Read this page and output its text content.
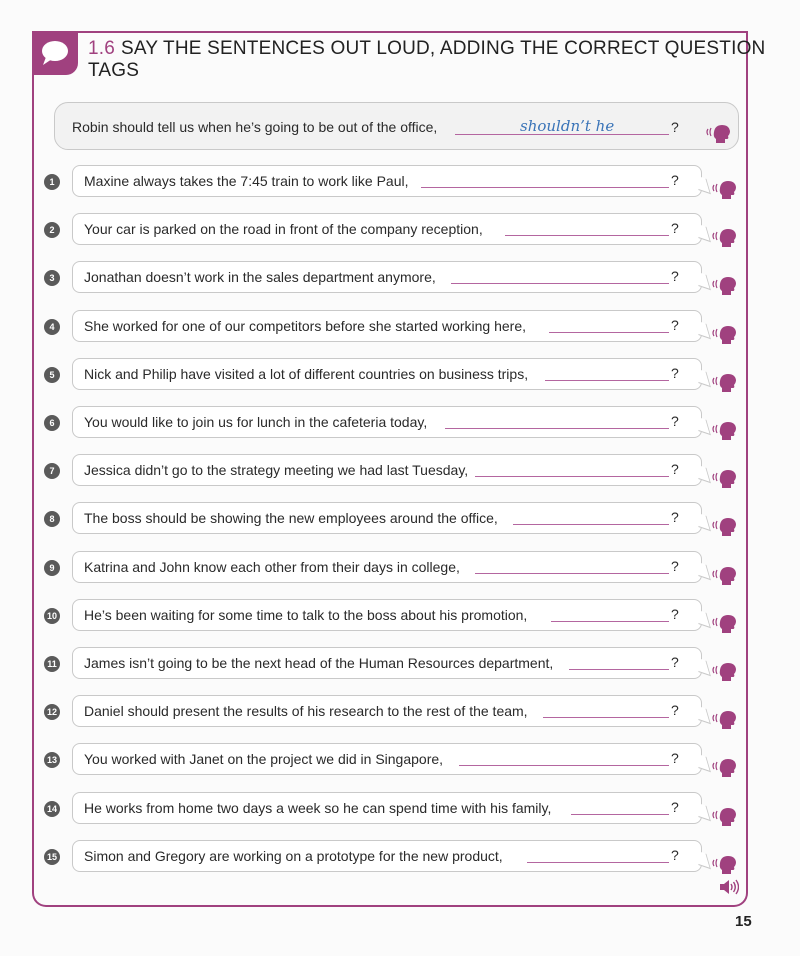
1.6 SAY THE SENTENCES OUT LOUD, ADDING THE CORRECT QUESTION TAGS
Robin should tell us when he’s going to be out of the office,	shouldn’t he	?
1	Maxine always takes the 7:45 train to work like Paul,	?
2	Your car is parked on the road in front of the company reception,	?
3	Jonathan doesn’t work in the sales department anymore,	?
4	She worked for one of our competitors before she started working here,	?
5	Nick and Philip have visited a lot of different countries on business trips,	?
6	You would like to join us for lunch in the cafeteria today,	?
7	Jessica didn’t go to the strategy meeting we had last Tuesday,	?
8	The boss should be showing the new employees around the office,	?
9	Katrina and John know each other from their days in college,	?
10 He’s been waiting for some time to talk to the boss about his promotion,	?
11 James isn’t going to be the next head of the Human Resources department,	?
12 Daniel should present the results of his research to the rest of the team,	?
13 You worked with Janet on the project we did in Singapore,	?
14 He works from home two days a week so he can spend time with his family,	?
15 Simon and Gregory are working on a prototype for the new product,	?
15
